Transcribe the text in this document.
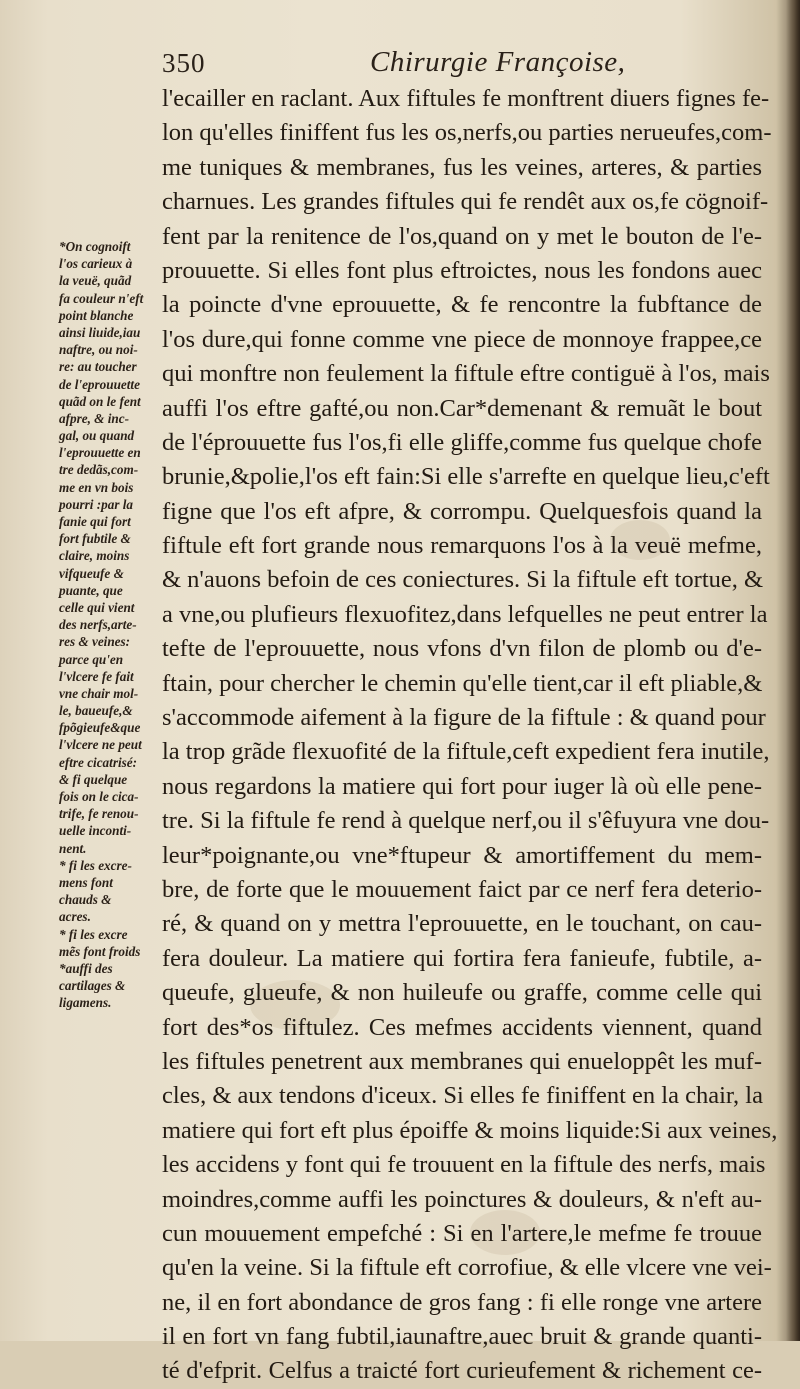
350	Chirurgie Françoise,
l'ecailler en raclant. Aux fiftules fe monftrent diuers fignes fe-
lon qu'elles finiffent fus les os,nerfs,ou parties nerueufes,com-
me tuniques & membranes, fus les veines, arteres, & parties
charnues. Les grandes fiftules qui fe rendêt aux os,fe cögnoif-
fent par la renitence de l'os,quand on y met le bouton de l'e-
prouuette. Si elles font plus eftroictes, nous les fondons auec
la poincte d'vne eprouuette, & fe rencontre la fubftance de
l'os dure,qui fonne comme vne piece de monnoye frappee,ce
qui monftre non feulement la fiftule eftre contiguë à l'os, mais
auffi l'os eftre gafté,ou non.Car*demenant & remuãt le bout
de l'éprouuette fus l'os,fi elle gliffe,comme fus quelque chofe
brunie,&polie,l'os eft fain:Si elle s'arrefte en quelque lieu,c'eft
figne que l'os eft afpre, & corrompu. Quelquesfois quand la
fiftule eft fort grande nous remarquons l'os à la veuë mefme,
& n'auons befoin de ces coniectures. Si la fiftule eft tortue, &
a vne,ou plufieurs flexuofitez,dans lefquelles ne peut entrer la
tefte de l'eprouuette, nous vfons d'vn filon de plomb ou d'e-
ftain, pour chercher le chemin qu'elle tient,car il eft pliable,&
s'accommode aifement à la figure de la fiftule : & quand pour
la trop grãde flexuofité de la fiftule,ceft expedient fera inutile,
nous regardons la matiere qui fort pour iuger là où elle pene-
tre. Si la fiftule fe rend à quelque nerf,ou il s'êfuyura vne dou-
leur*poignante,ou vne*ftupeur & amortiffement du mem-
bre, de forte que le mouuement faict par ce nerf fera deterio-
ré, & quand on y mettra l'eprouuette, en le touchant, on cau-
fera douleur. La matiere qui fortira fera fanieufe, fubtile, a-
queufe, glueufe, & non huileufe ou graffe, comme celle qui
fort des*os fiftulez. Ces mefmes accidents viennent, quand
les fiftules penetrent aux membranes qui enueloppêt les muf-
cles, & aux tendons d'iceux. Si elles fe finiffent en la chair, la
matiere qui fort eft plus époiffe & moins liquide:Si aux veines,
les accidens y font qui fe trouuent en la fiftule des nerfs, mais
moindres,comme auffi les poinctures & douleurs, & n'eft au-
cun mouuement empefché : Si en l'artere,le mefme fe trouue
qu'en la veine. Si la fiftule eft corrofiue, & elle vlcere vne vei-
ne, il en fort abondance de gros fang : fi elle ronge vne artere
il en fort vn fang fubtil,iaunaftre,auec bruit & grande quanti-
té d'efprit. Celfus a traicté fort curieufement & richement ce-
*On cognoift
l'os carieux à
la veuë, quãd
fa couleur n'eft
point blanche
ainsi liuide,iau
naftre, ou noi-
re: au toucher
de l'eprouuette
quãd on le fent
afpre, & inc-
gal, ou quand
l'eprouuette en
tre dedãs,com-
me en vn bois
pourri :par la
fanie qui fort
fort fubtile &
claire, moins
vifqueufe &
puante, que
celle qui vient
des nerfs,arte-
res & veines:
parce qu'en
l'vlcere fe fait
vne chair mol-
le, baueufe,&
fpõgieufe&que
l'vlcere ne peut
eftre cicatrisé:
& fi quelque
fois on le cica-
trife, fe renou-
uelle inconti-
nent.
* fi les excre-
mens font
chauds &
acres.
* fi les excre
mẽs font froids
*auffi des
cartilages &
ligamens.
